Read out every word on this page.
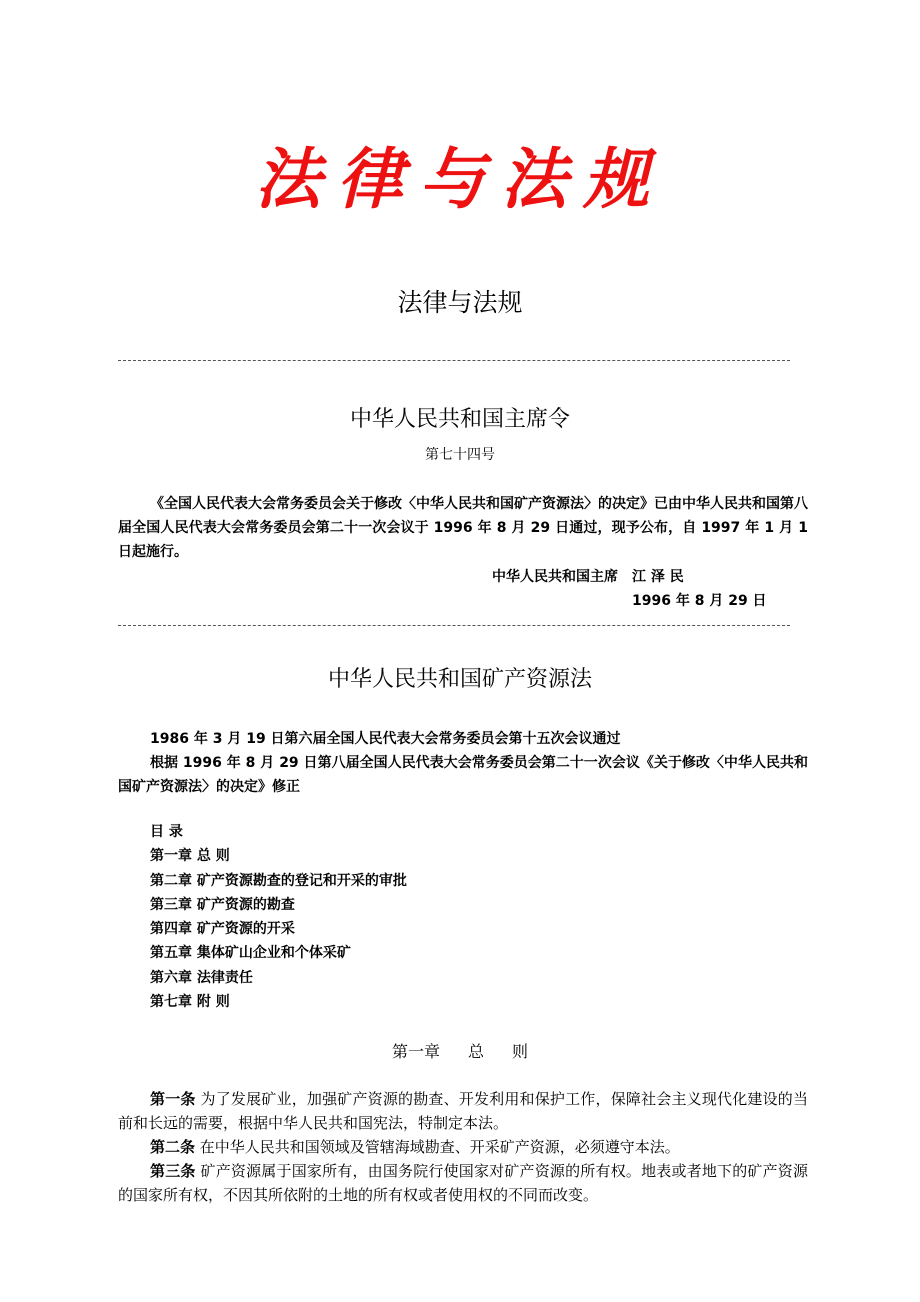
法律与法规
法律与法规
中华人民共和国主席令
第七十四号
《全国人民代表大会常务委员会关于修改〈中华人民共和国矿产资源法〉的决定》已由中华人民共和国第八届全国人民代表大会常务委员会第二十一次会议于 1996 年 8 月 29 日通过，现予公布，自 1997 年 1 月 1 日起施行。
中华人民共和国主席　江 泽 民
1996 年 8 月 29 日
中华人民共和国矿产资源法
1986 年 3 月 19 日第六届全国人民代表大会常务委员会第十五次会议通过
根据 1996 年 8 月 29 日第八届全国人民代表大会常务委员会第二十一次会议《关于修改〈中华人民共和国矿产资源法〉的决定》修正
目 录
第一章 总 则
第二章 矿产资源勘查的登记和开采的审批
第三章 矿产资源的勘查
第四章 矿产资源的开采
第五章 集体矿山企业和个体采矿
第六章 法律责任
第七章 附 则
第一章 总 则
第一条 为了发展矿业，加强矿产资源的勘查、开发利用和保护工作，保障社会主义现代化建设的当前和长远的需要，根据中华人民共和国宪法，特制定本法。
第二条 在中华人民共和国领域及管辖海域勘查、开采矿产资源，必须遵守本法。
第三条 矿产资源属于国家所有，由国务院行使国家对矿产资源的所有权。地表或者地下的矿产资源的国家所有权，不因其所依附的土地的所有权或者使用权的不同而改变。
